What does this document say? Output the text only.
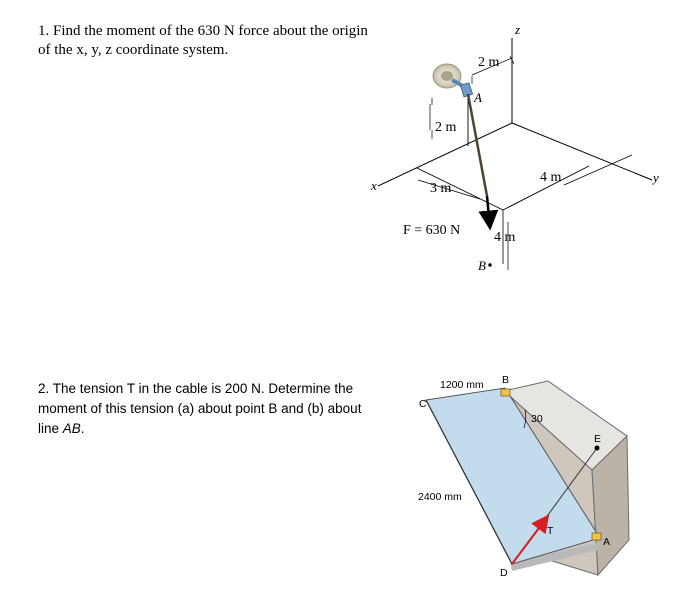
1. Find the moment of the 630 N force about the origin of the x, y, z coordinate system.
2. The tension T in the cable is 200 N. Determine the moment of this tension (a) about point B and (b) about line AB.
z
x
y
2 m
2 m
3 m
4 m
4 m
A
B
F = 630 N
1200 mm
2400 mm
30
B
C
D
E
A
T
